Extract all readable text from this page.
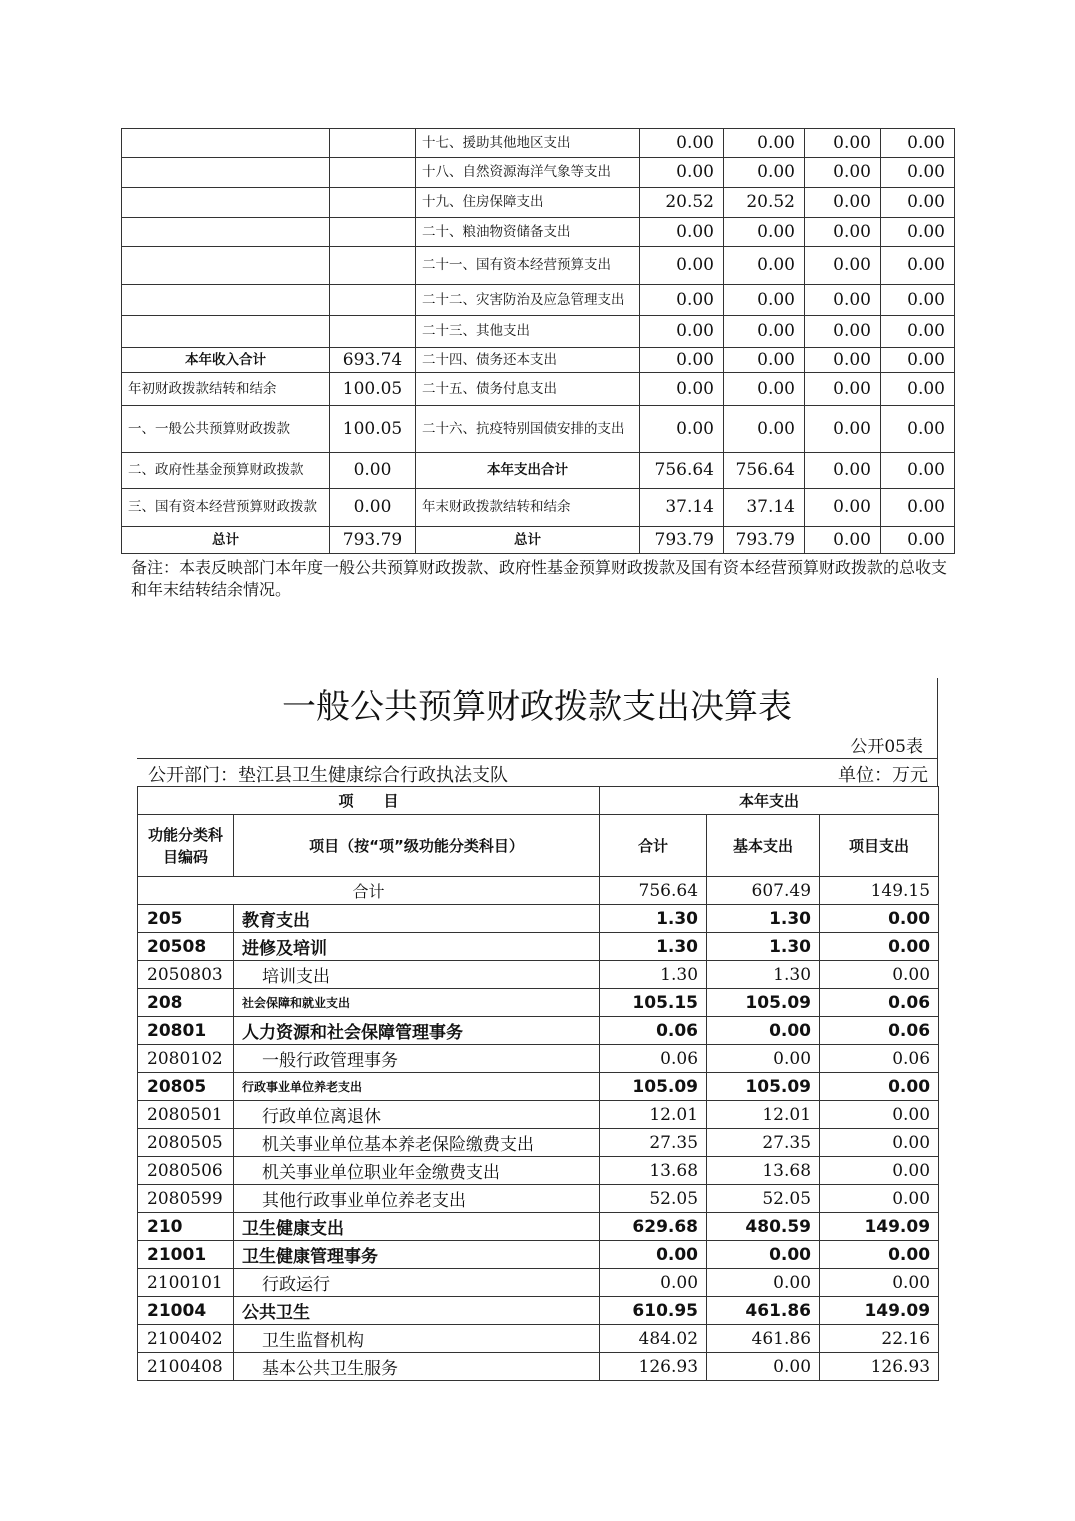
		十七、援助其他地区支出	0.00	0.00	0.00	0.00
		十八、自然资源海洋气象等支出	0.00	0.00	0.00	0.00
		十九、住房保障支出	20.52	20.52	0.00	0.00
		二十、粮油物资储备支出	0.00	0.00	0.00	0.00
		二十一、国有资本经营预算支出	0.00	0.00	0.00	0.00
		二十二、灾害防治及应急管理支出	0.00	0.00	0.00	0.00
		二十三、其他支出	0.00	0.00	0.00	0.00
本年收入合计	693.74	二十四、债务还本支出	0.00	0.00	0.00	0.00
年初财政拨款结转和结余	100.05	二十五、债务付息支出	0.00	0.00	0.00	0.00
一、一般公共预算财政拨款	100.05	二十六、抗疫特别国债安排的支出	0.00	0.00	0.00	0.00
二、政府性基金预算财政拨款	0.00	本年支出合计	756.64	756.64	0.00	0.00
三、国有资本经营预算财政拨款	0.00	年末财政拨款结转和结余	37.14	37.14	0.00	0.00
总计	793.79	总计	793.79	793.79	0.00	0.00
备注：本表反映部门本年度一般公共预算财政拨款、政府性基金预算财政拨款及国有资本经营预算财政拨款的总收支和年末结转结余情况。
一般公共预算财政拨款支出决算表
公开05表
公开部门：垫江县卫生健康综合行政执法支队	单位：万元
项　　目		本年支出		
功能分类科目编码	项目（按“项”级功能分类科目）	合计	基本支出	项目支出
合计		756.64	607.49	149.15
205	教育支出	1.30	1.30	0.00
20508	进修及培训	1.30	1.30	0.00
2050803	培训支出	1.30	1.30	0.00
208	社会保障和就业支出	105.15	105.09	0.06
20801	人力资源和社会保障管理事务	0.06	0.00	0.06
2080102	一般行政管理事务	0.06	0.00	0.06
20805	行政事业单位养老支出	105.09	105.09	0.00
2080501	行政单位离退休	12.01	12.01	0.00
2080505	机关事业单位基本养老保险缴费支出	27.35	27.35	0.00
2080506	机关事业单位职业年金缴费支出	13.68	13.68	0.00
2080599	其他行政事业单位养老支出	52.05	52.05	0.00
210	卫生健康支出	629.68	480.59	149.09
21001	卫生健康管理事务	0.00	0.00	0.00
2100101	行政运行	0.00	0.00	0.00
21004	公共卫生	610.95	461.86	149.09
2100402	卫生监督机构	484.02	461.86	22.16
2100408	基本公共卫生服务	126.93	0.00	126.93
